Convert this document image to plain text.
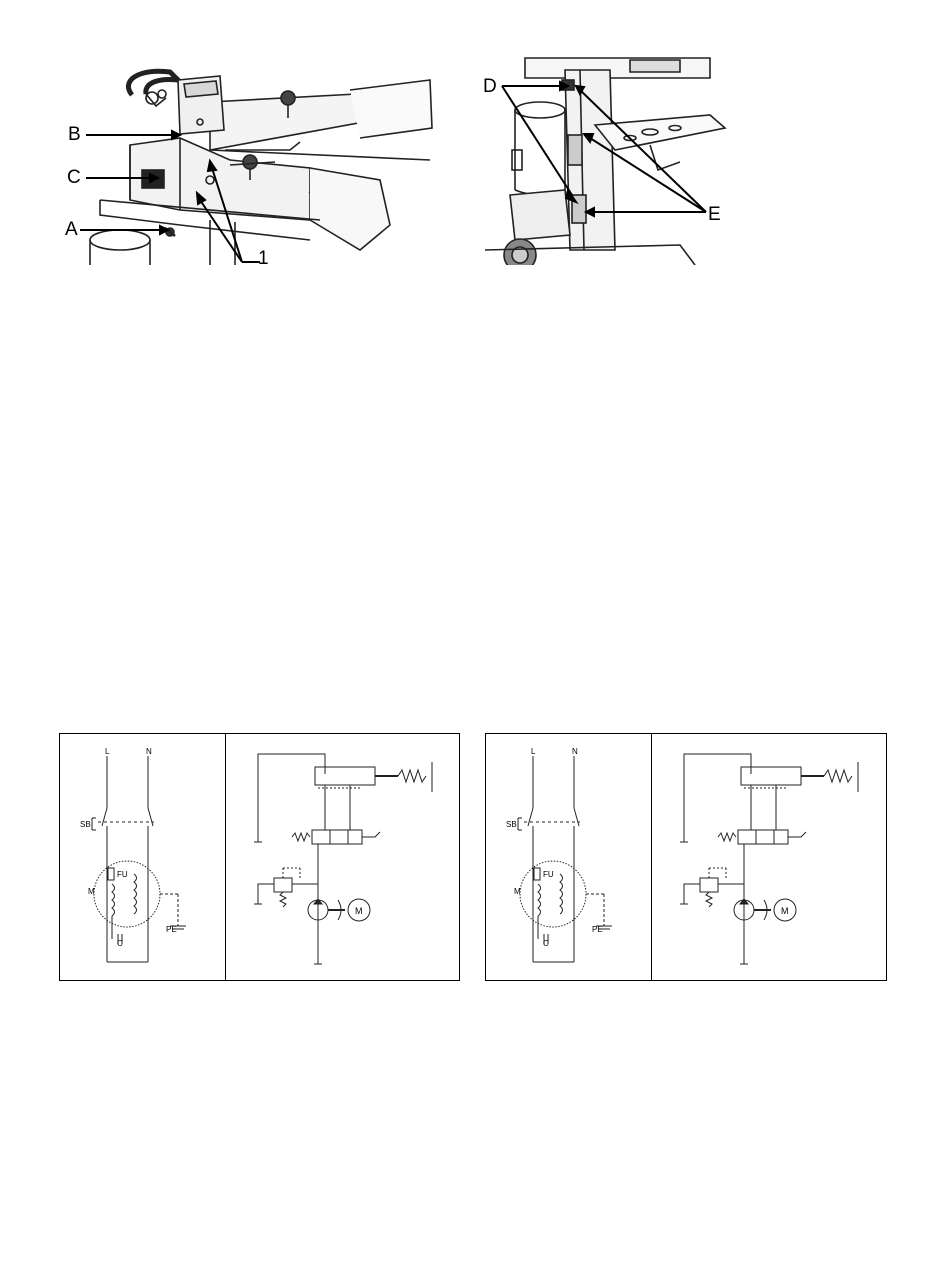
B
C
A
1
D
E
L	N
SB
FU
M
C
PE
M
L	N
SB
FU
M
C
PE
M
